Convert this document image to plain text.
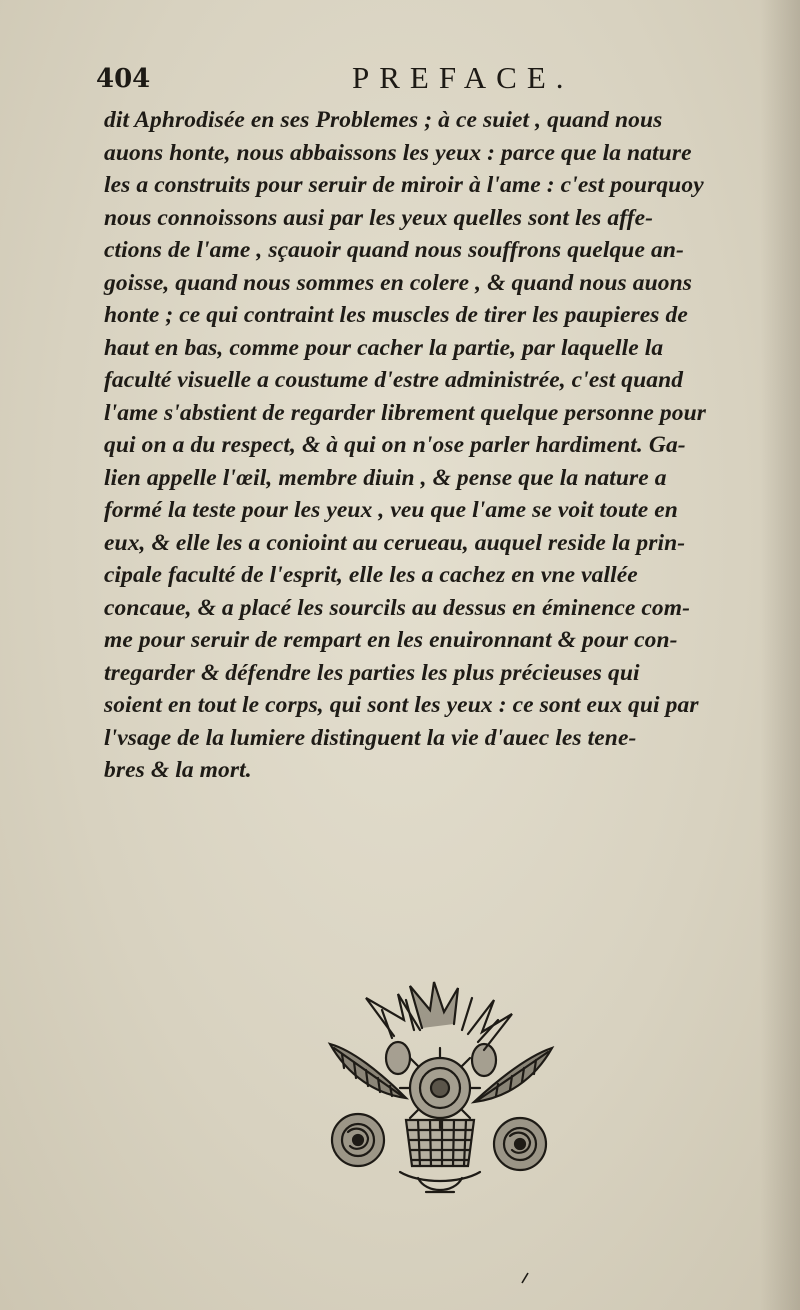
404	PREFACE.
dit Aphrodisée en ses Problemes ; à ce suiet , quand nous
auons honte, nous abbaissons les yeux : parce que la nature
les a construits pour seruir de miroir à l'ame : c'est pourquoy
nous connoissons ausi par les yeux quelles sont les affe-
ctions de l'ame , sçauoir quand nous souffrons quelque an-
goisse, quand nous sommes en colere , & quand nous auons
honte ; ce qui contraint les muscles de tirer les paupieres de
haut en bas, comme pour cacher la partie, par laquelle la
faculté visuelle a coustume d'estre administrée, c'est quand
l'ame s'abstient de regarder librement quelque personne pour
qui on a du respect, & à qui on n'ose parler hardiment. Ga-
lien appelle l'œil, membre diuin , & pense que la nature a
formé la teste pour les yeux , veu que l'ame se voit toute en
eux, & elle les a conioint au cerueau, auquel reside la prin-
cipale faculté de l'esprit, elle les a cachez en vne vallée
concaue, & a placé les sourcils au dessus en éminence com-
me pour seruir de rempart en les enuironnant & pour con-
tregarder & défendre les parties les plus précieuses qui
soient en tout le corps, qui sont les yeux : ce sont eux qui par
l'vsage de la lumiere distinguent la vie d'auec les tene-
bres & la mort.
